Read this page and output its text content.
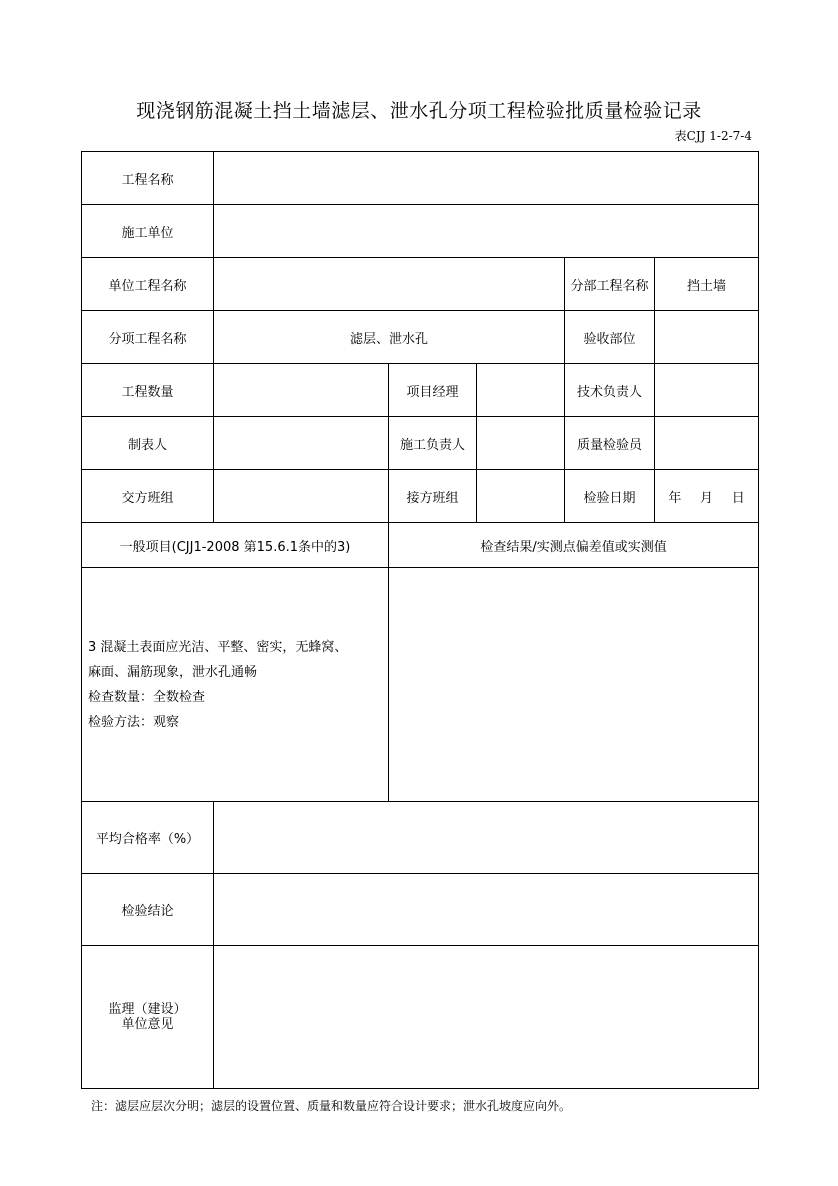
现浇钢筋混凝土挡土墙滤层、泄水孔分项工程检验批质量检验记录
表CJJ 1-2-7-4
工程名称					
施工单位					
单位工程名称				分部工程名称	挡土墙
分项工程名称	滤层、泄水孔			验收部位	
工程数量		项目经理		技术负责人	
制表人		施工负责人		质量检验员	
交方班组		接方班组		检验日期	年 月 日

一般项目(CJJ1-2008 第15.6.1条中的3)		检查结果/实测点偏差值或实测值			

3 混凝土表面应光洁、平整、密实，无蜂窝、
麻面、漏筋现象，泄水孔通畅
检查数量：全数检查
检验方法：观察					

平均合格率（%）					
检验结论					

监理（建设）
单位意见					

注：滤层应层次分明；滤层的设置位置、质量和数量应符合设计要求；泄水孔坡度应向外。
